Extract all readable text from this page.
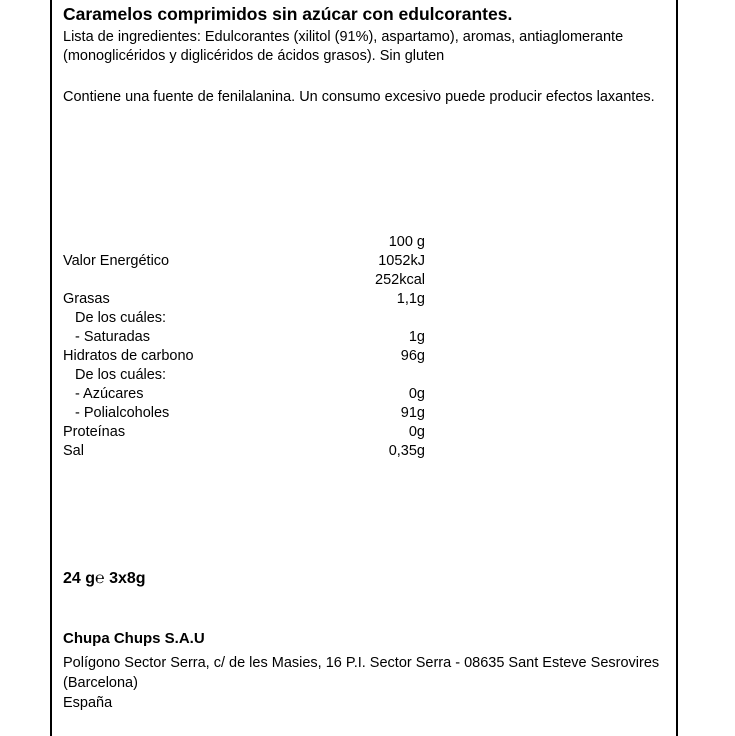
Caramelos comprimidos sin azúcar con edulcorantes.
Lista de ingredientes: Edulcorantes (xilitol (91%), aspartamo), aromas, antiaglomerante (monoglicéridos y diglicéridos de ácidos grasos). Sin gluten
Contiene una fuente de fenilalanina. Un consumo excesivo puede producir efectos laxantes.
100 g
Valor Energético	1052kJ
252kcal
Grasas	1,1g
De los cuáles:
- Saturadas	1g
Hidratos de carbono	96g
De los cuáles:
- Azúcares	0g
- Polialcoholes	91g
Proteínas	0g
Sal	0,35g
24 g℮ 3x8g
Chupa Chups S.A.U
Polígono Sector Serra, c/ de les Masies, 16 P.I. Sector Serra - 08635 Sant Esteve Sesrovires (Barcelona)
España
